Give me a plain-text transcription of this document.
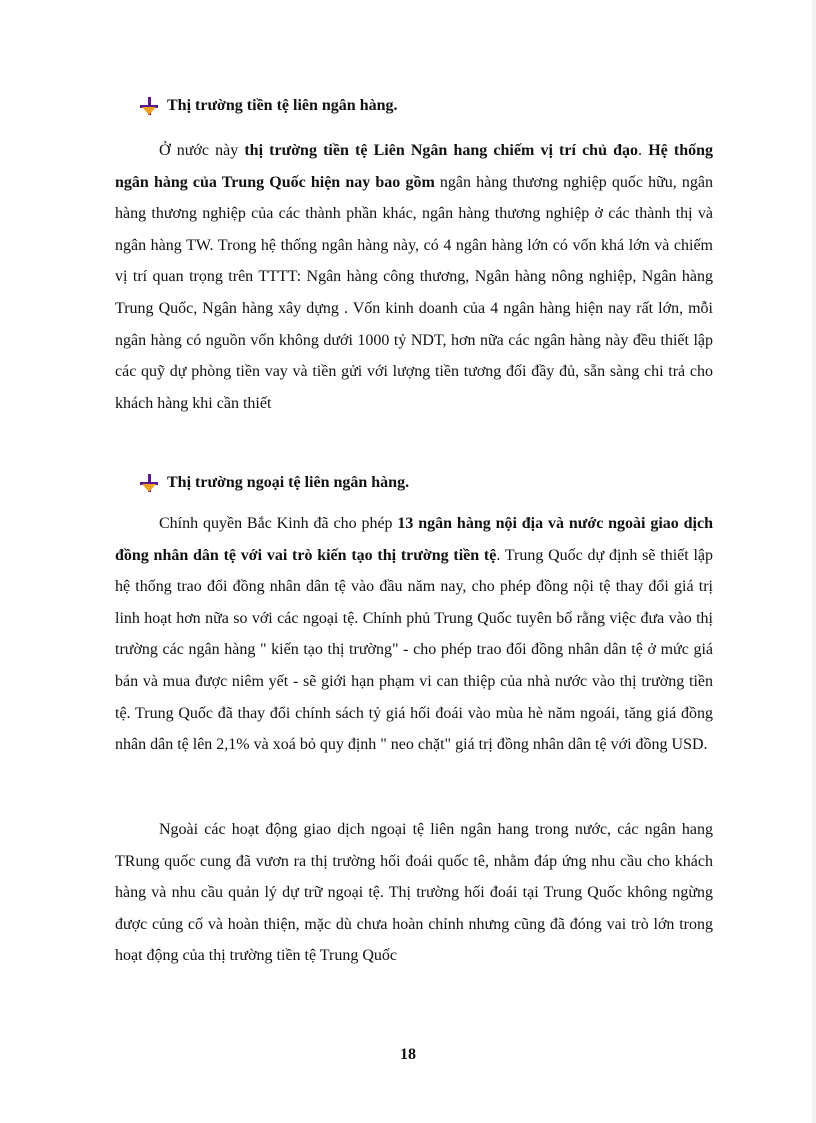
Thị trường tiền tệ liên ngân hàng.

Ở nước này thị trường tiền tệ Liên Ngân hang chiếm vị trí chủ đạo. Hệ thống ngân hàng của Trung Quốc hiện nay bao gồm ngân hàng thương nghiệp quốc hữu, ngân hàng thương nghiệp của các thành phần khác, ngân hàng thương nghiệp ở các thành thị và ngân hàng TW. Trong hệ thống ngân hàng này, có 4 ngân hàng lớn có vốn khá lớn và chiếm vị trí quan trọng trên TTTT: Ngân hàng công thương, Ngân hàng nông nghiệp, Ngân hàng Trung Quốc, Ngân hàng xây dựng . Vốn kinh doanh của 4 ngân hàng hiện nay rất lớn, mỗi ngân hàng có nguồn vốn không dưới 1000 tỷ NDT, hơn nữa các ngân hàng này đều thiết lập các quỹ dự phòng tiền vay và tiền gửi với lượng tiền tương đối đầy đủ, sẵn sàng chi trả cho khách hàng khi cần thiết

Thị trường ngoại tệ liên ngân hàng.

Chính quyền Bắc Kinh đã cho phép 13 ngân hàng nội địa và nước ngoài giao dịch đồng nhân dân tệ với vai trò kiến tạo thị trường tiền tệ. Trung Quốc dự định sẽ thiết lập hệ thống trao đổi đồng nhân dân tệ vào đầu năm nay, cho phép đồng nội tệ thay đổi giá trị linh hoạt hơn nữa so với các ngoại tệ. Chính phủ Trung Quốc tuyên bố rằng việc đưa vào thị trường các ngân hàng " kiến tạo thị trường" - cho phép trao đổi đồng nhân dân tệ ở mức giá bán và mua được niêm yết - sẽ giới hạn phạm vi can thiệp của nhà nước vào thị trường tiền tệ. Trung Quốc đã thay đổi chính sách tỷ giá hối đoái vào mùa hè năm ngoái, tăng giá đồng nhân dân tệ lên 2,1% và xoá bỏ quy định " neo chặt" giá trị đồng nhân dân tệ với đồng USD.

Ngoài các hoạt động giao dịch ngoại tệ liên ngân hang trong nước, các ngân hang TRung quốc cung đã vươn ra thị trường hối đoái quốc tê, nhằm đáp ứng nhu cầu cho khách hàng và nhu cầu quản lý dự trữ ngoại tệ. Thị trường hối đoái tại Trung Quốc không ngừng được củng cố và hoàn thiện, mặc dù chưa hoàn chỉnh nhưng cũng đã đóng vai trò lớn trong hoạt động của thị trường tiền tệ Trung Quốc

18
